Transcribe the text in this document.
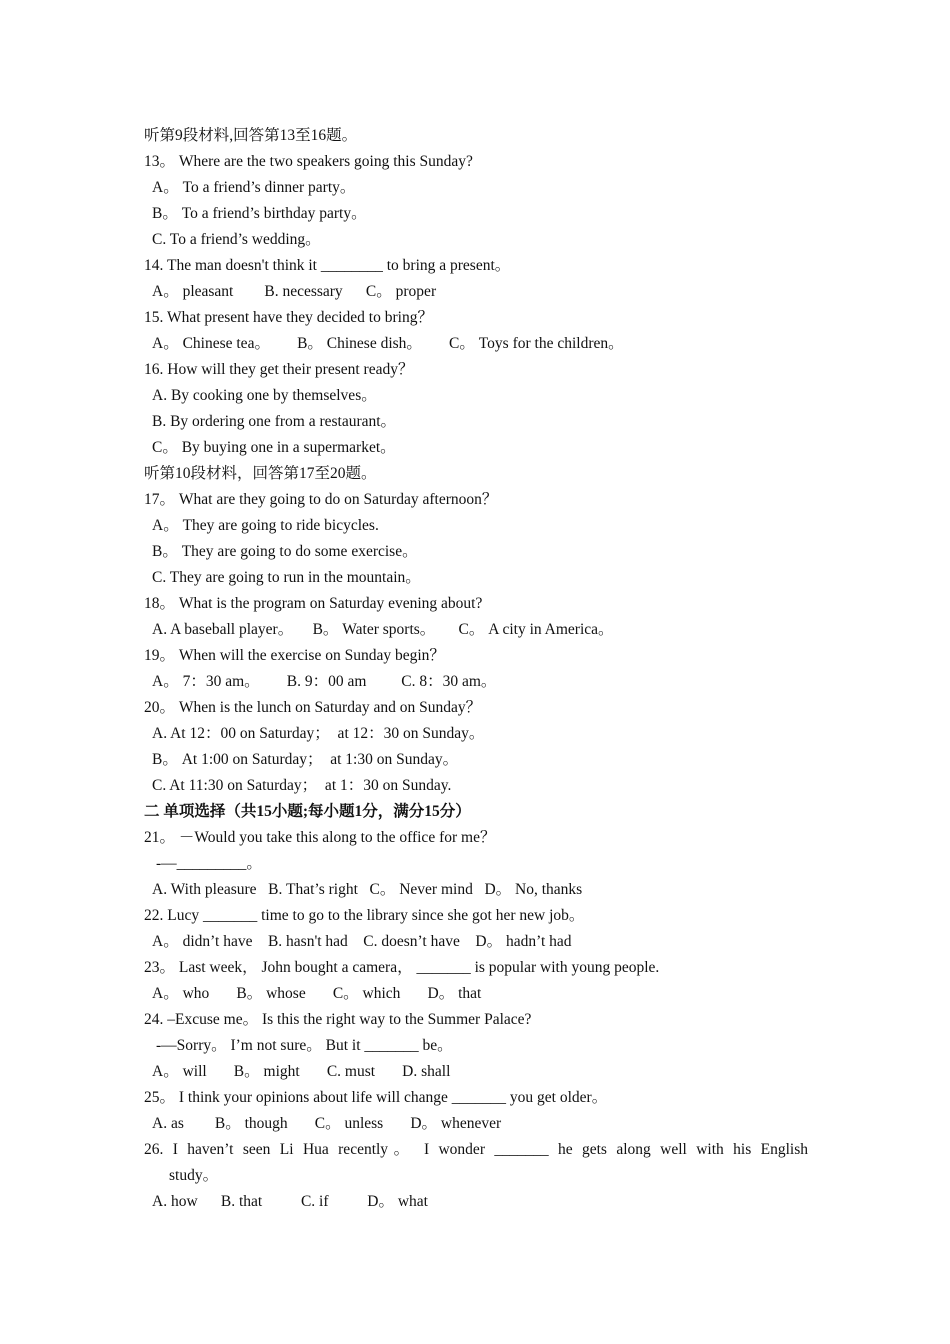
听第9段材料,回答第13至16题。
13。 Where are the two speakers going this Sunday?
A。 To a friend’s dinner party。
B。 To a friend’s birthday party。
C. To a friend’s wedding。
14. The man doesn't think it ________ to bring a present。
A。 pleasant        B. necessary      C。 proper
15. What present have they decided to bring？
A。 Chinese tea。       B。 Chinese dish。       C。 Toys for the children。
16. How will they get their present ready？
A. By cooking one by themselves。
B. By ordering one from a restaurant。
C。 By buying one in a supermarket。
听第10段材料，回答第17至20题。
17。 What are they going to do on Saturday afternoon？
A。 They are going to ride bicycles.
B。 They are going to do some exercise。
C. They are going to run in the mountain。
18。 What is the program on Saturday evening about?
A. A baseball player。     B。 Water sports。      C。 A city in America。
19。 When will the exercise on Sunday begin？
A。 7：30 am。       B. 9：00 am         C. 8：30 am。
20。 When is the lunch on Saturday and on Sunday？
A. At 12：00 on Saturday；  at 12：30 on Sunday。
B。 At 1:00 on Saturday；  at 1:30 on Sunday。
C. At 11:30 on Saturday；  at 1：30 on Sunday.
二 单项选择（共15小题;每小题1分，满分15分）
21。 －Would you take this along to the office for me？
-—_________。
A. With pleasure   B. That’s right   C。 Never mind   D。 No, thanks
22. Lucy _______ time to go to the library since she got her new job。
A。 didn’t have    B. hasn't had    C. doesn’t have    D。 hadn’t had
23。 Last week， John bought a camera， _______ is popular with young people.
A。 who       B。 whose       C。 which       D。 that
24. –Excuse me。 Is this the right way to the Summer Palace?
-—Sorry。 I’m not sure。 But it _______ be。
A。 will       B。 might       C. must       D. shall
25。 I think your opinions about life will change _______ you get older。
A. as        B。 though       C。 unless       D。 whenever
26. I haven’t seen Li Hua recently。 I wonder _______ he gets along well with his English
study。
A. how      B. that          C. if          D。 what
